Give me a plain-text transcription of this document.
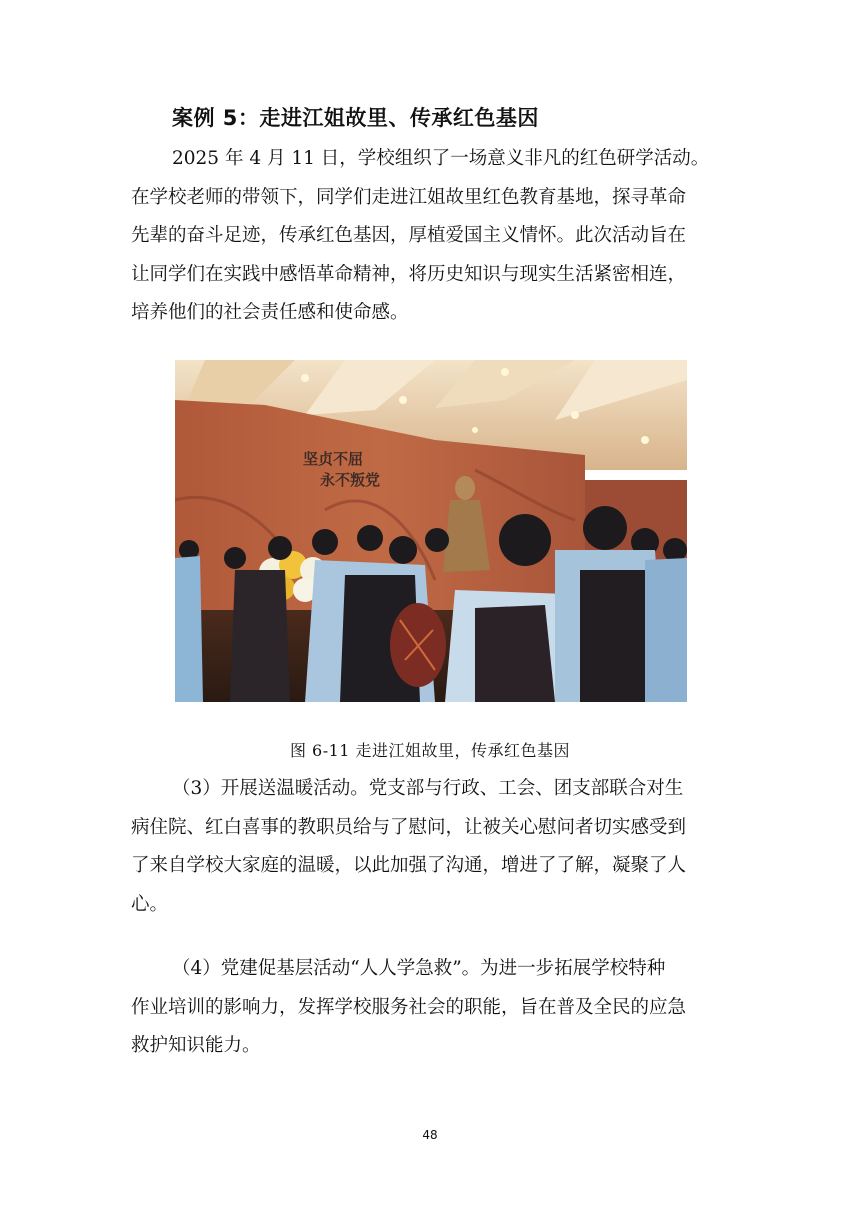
案例 5：走进江姐故里、传承红色基因
2025 年 4 月 11 日，学校组织了一场意义非凡的红色研学活动。
在学校老师的带领下，同学们走进江姐故里红色教育基地，探寻革命
先辈的奋斗足迹，传承红色基因，厚植爱国主义情怀。此次活动旨在
让同学们在实践中感悟革命精神，将历史知识与现实生活紧密相连，
培养他们的社会责任感和使命感。
坚贞不屈
永不叛党
图 6-11 走进江姐故里，传承红色基因
（3）开展送温暖活动。党支部与行政、工会、团支部联合对生
病住院、红白喜事的教职员给与了慰问，让被关心慰问者切实感受到
了来自学校大家庭的温暖，以此加强了沟通，增进了了解，凝聚了人
心。
（4）党建促基层活动“人人学急救”。为进一步拓展学校特种
作业培训的影响力，发挥学校服务社会的职能，旨在普及全民的应急
救护知识能力。
48
